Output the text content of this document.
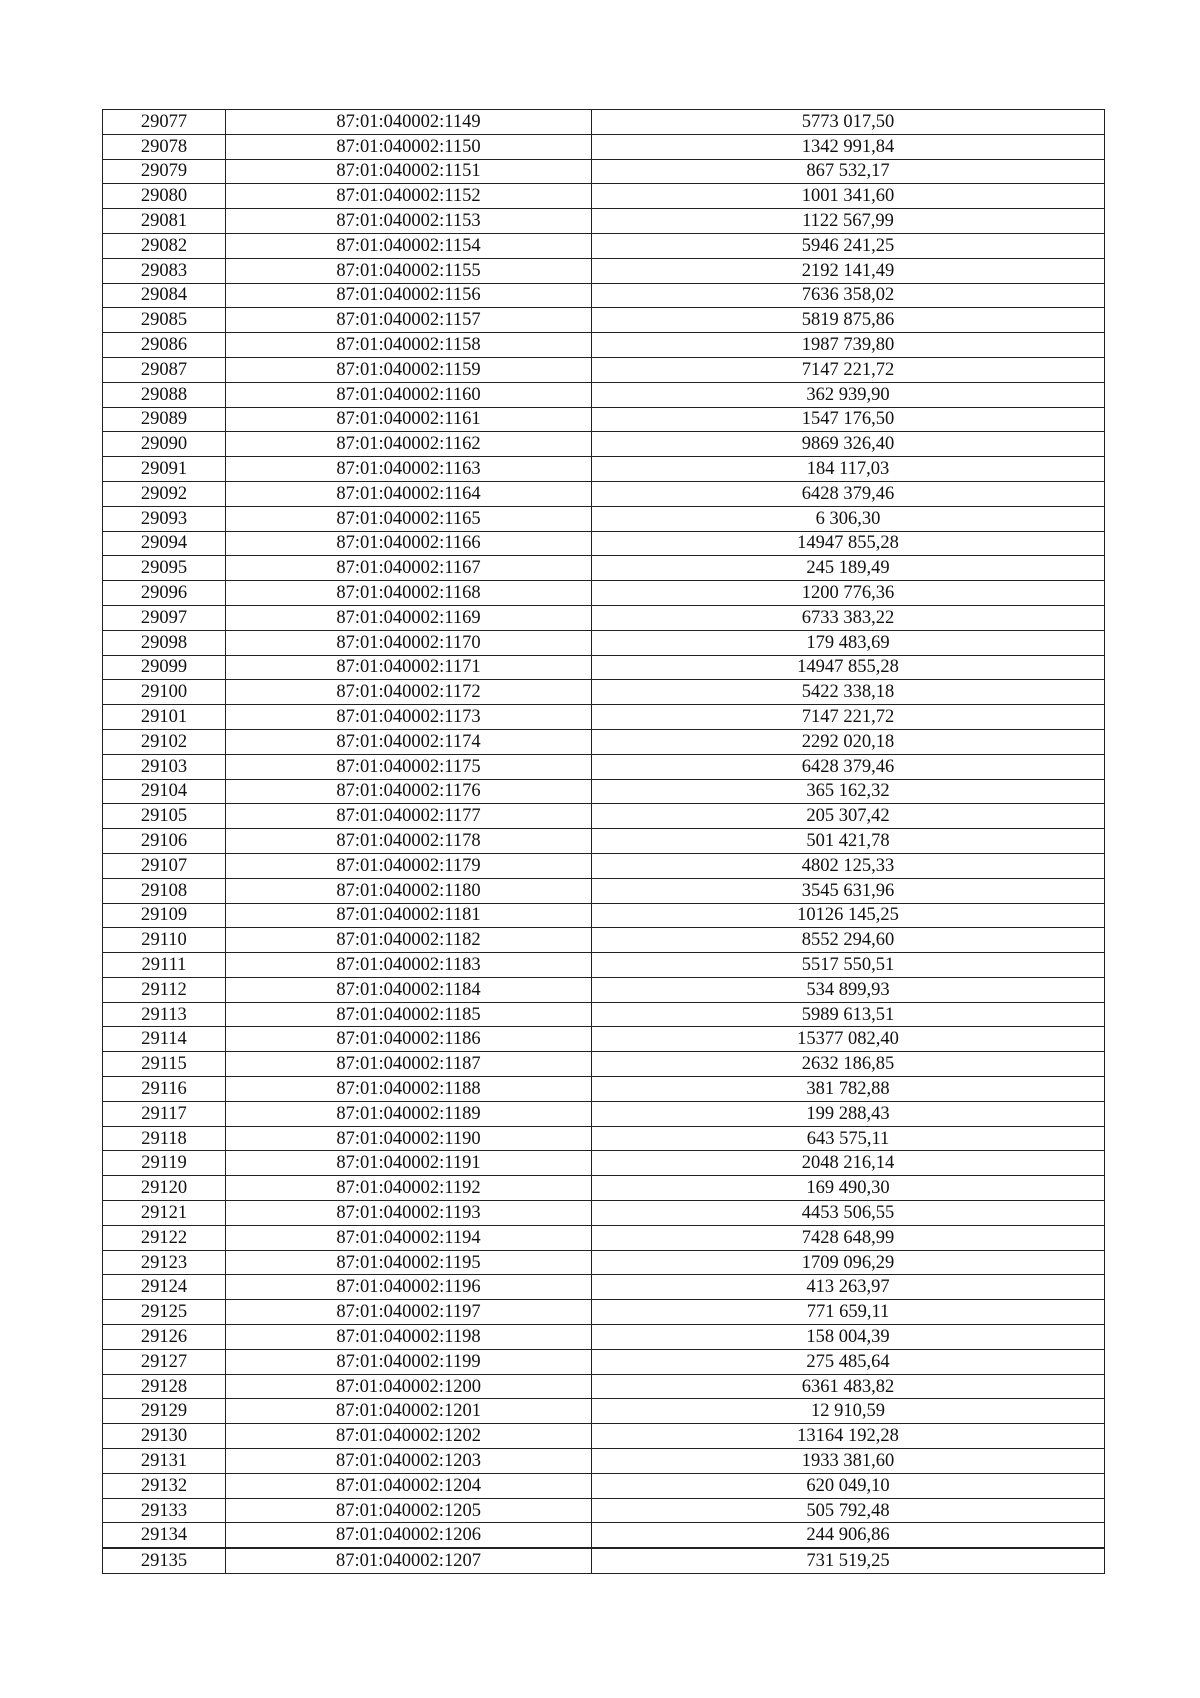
29077	87:01:040002:1149	5773 017,50
29078	87:01:040002:1150	1342 991,84
29079	87:01:040002:1151	867 532,17
29080	87:01:040002:1152	1001 341,60
29081	87:01:040002:1153	1122 567,99
29082	87:01:040002:1154	5946 241,25
29083	87:01:040002:1155	2192 141,49
29084	87:01:040002:1156	7636 358,02
29085	87:01:040002:1157	5819 875,86
29086	87:01:040002:1158	1987 739,80
29087	87:01:040002:1159	7147 221,72
29088	87:01:040002:1160	362 939,90
29089	87:01:040002:1161	1547 176,50
29090	87:01:040002:1162	9869 326,40
29091	87:01:040002:1163	184 117,03
29092	87:01:040002:1164	6428 379,46
29093	87:01:040002:1165	6 306,30
29094	87:01:040002:1166	14947 855,28
29095	87:01:040002:1167	245 189,49
29096	87:01:040002:1168	1200 776,36
29097	87:01:040002:1169	6733 383,22
29098	87:01:040002:1170	179 483,69
29099	87:01:040002:1171	14947 855,28
29100	87:01:040002:1172	5422 338,18
29101	87:01:040002:1173	7147 221,72
29102	87:01:040002:1174	2292 020,18
29103	87:01:040002:1175	6428 379,46
29104	87:01:040002:1176	365 162,32
29105	87:01:040002:1177	205 307,42
29106	87:01:040002:1178	501 421,78
29107	87:01:040002:1179	4802 125,33
29108	87:01:040002:1180	3545 631,96
29109	87:01:040002:1181	10126 145,25
29110	87:01:040002:1182	8552 294,60
29111	87:01:040002:1183	5517 550,51
29112	87:01:040002:1184	534 899,93
29113	87:01:040002:1185	5989 613,51
29114	87:01:040002:1186	15377 082,40
29115	87:01:040002:1187	2632 186,85
29116	87:01:040002:1188	381 782,88
29117	87:01:040002:1189	199 288,43
29118	87:01:040002:1190	643 575,11
29119	87:01:040002:1191	2048 216,14
29120	87:01:040002:1192	169 490,30
29121	87:01:040002:1193	4453 506,55
29122	87:01:040002:1194	7428 648,99
29123	87:01:040002:1195	1709 096,29
29124	87:01:040002:1196	413 263,97
29125	87:01:040002:1197	771 659,11
29126	87:01:040002:1198	158 004,39
29127	87:01:040002:1199	275 485,64
29128	87:01:040002:1200	6361 483,82
29129	87:01:040002:1201	12 910,59
29130	87:01:040002:1202	13164 192,28
29131	87:01:040002:1203	1933 381,60
29132	87:01:040002:1204	620 049,10
29133	87:01:040002:1205	505 792,48
29134	87:01:040002:1206	244 906,86
29135	87:01:040002:1207	731 519,25
